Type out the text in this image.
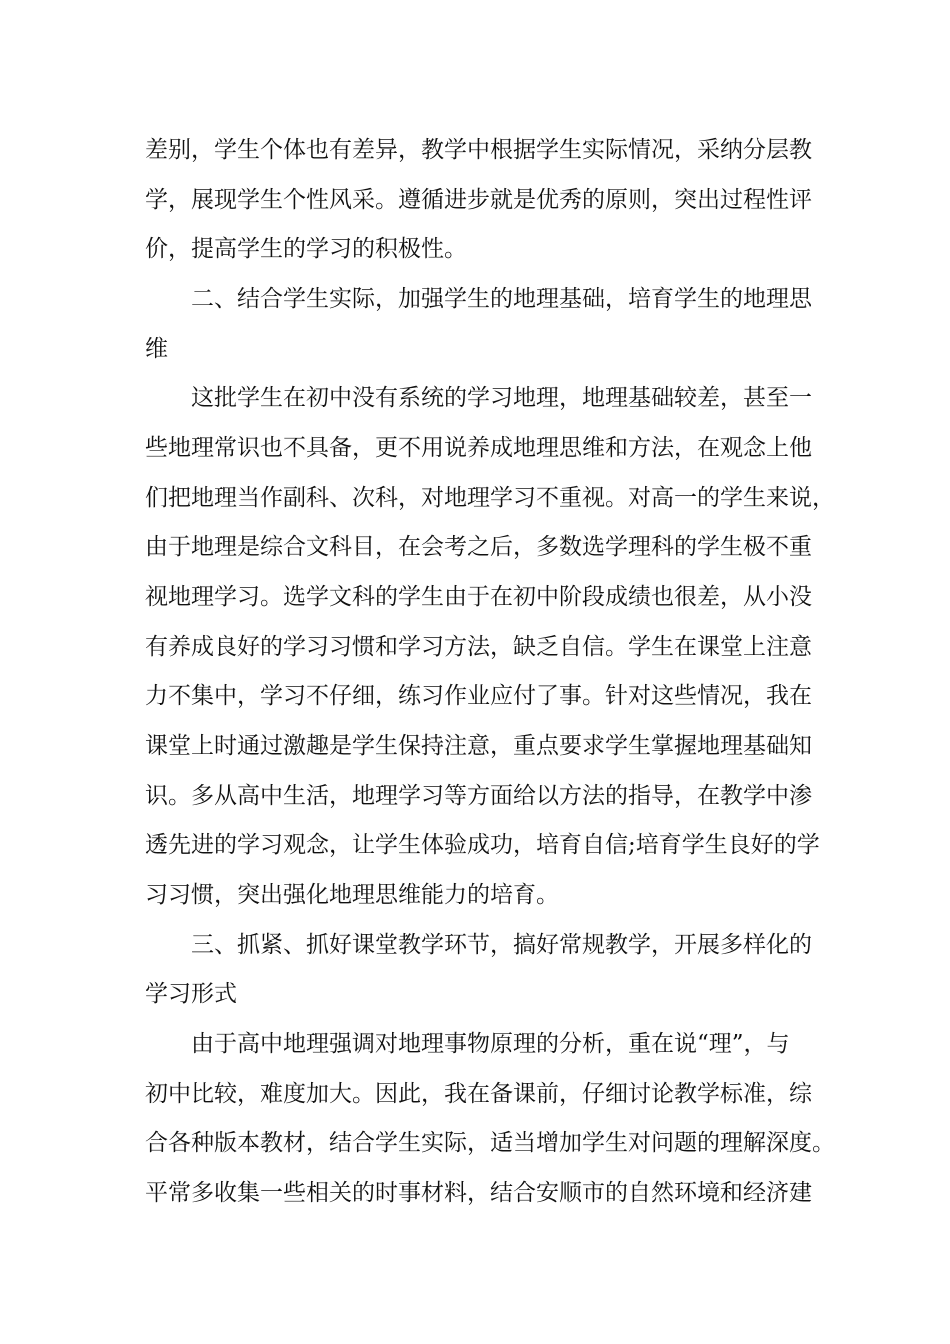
差别，学生个体也有差异，教学中根据学生实际情况，采纳分层教
学，展现学生个性风采。遵循进步就是优秀的原则，突出过程性评
价，提高学生的学习的积极性。
二、结合学生实际，加强学生的地理基础，培育学生的地理思
维
这批学生在初中没有系统的学习地理，地理基础较差，甚至一
些地理常识也不具备，更不用说养成地理思维和方法，在观念上他
们把地理当作副科、次科，对地理学习不重视。对高一的学生来说，
由于地理是综合文科目，在会考之后，多数选学理科的学生极不重
视地理学习。选学文科的学生由于在初中阶段成绩也很差，从小没
有养成良好的学习习惯和学习方法，缺乏自信。学生在课堂上注意
力不集中，学习不仔细，练习作业应付了事。针对这些情况，我在
课堂上时通过激趣是学生保持注意，重点要求学生掌握地理基础知
识。多从高中生活，地理学习等方面给以方法的指导，在教学中渗
透先进的学习观念，让学生体验成功，培育自信;培育学生良好的学
习习惯，突出强化地理思维能力的培育。
三、抓紧、抓好课堂教学环节，搞好常规教学，开展多样化的
学习形式
由于高中地理强调对地理事物原理的分析，重在说“理”，与
初中比较，难度加大。因此，我在备课前，仔细讨论教学标准，综
合各种版本教材，结合学生实际，适当增加学生对问题的理解深度。
平常多收集一些相关的时事材料，结合安顺市的自然环境和经济建
